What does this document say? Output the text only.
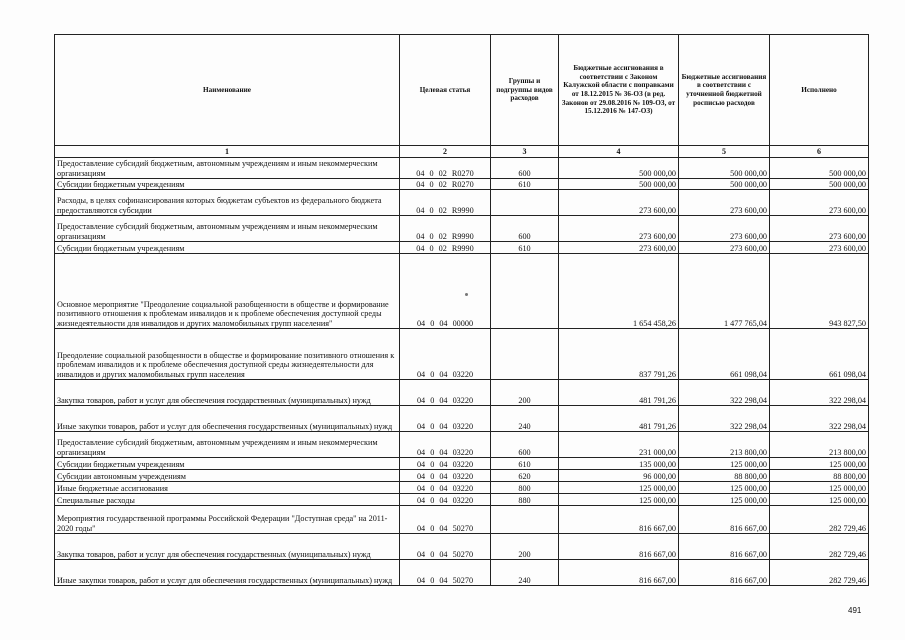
Наименование	Целевая статья	Группы и подгруппы видов расходов	Бюджетные ассигнования в соответствии с Законом Калужской области с поправками от 18.12.2015 № 36-ОЗ (в ред. Законов от 29.08.2016 № 109-ОЗ, от 15.12.2016 № 147-ОЗ)	Бюджетные ассигнования в соответствии с уточненной бюджетной росписью расходов	Исполнено
1	2	3	4	5	6
Предоставление субсидий бюджетным, автономным учреждениям и иным некоммерческим организациям	04 0 02 R0270	600	500 000,00	500 000,00	500 000,00
Субсидии бюджетным учреждениям	04 0 02 R0270	610	500 000,00	500 000,00	500 000,00
Расходы, в целях софинансирования которых бюджетам субъектов из федерального бюджета предоставляются субсидии	04 0 02 R9990		273 600,00	273 600,00	273 600,00
Предоставление субсидий бюджетным, автономным учреждениям и иным некоммерческим организациям	04 0 02 R9990	600	273 600,00	273 600,00	273 600,00
Субсидии бюджетным учреждениям	04 0 02 R9990	610	273 600,00	273 600,00	273 600,00
Основное мероприятие "Преодоление социальной разобщенности в обществе и формирование позитивного отношения к проблемам инвалидов и к проблеме обеспечения доступной среды жизнедеятельности для инвалидов и других маломобильных групп населения"	04 0 04 00000		1 654 458,26	1 477 765,04	943 827,50
Преодоление социальной разобщенности в обществе и формирование позитивного отношения к проблемам инвалидов и к проблеме обеспечения доступной среды жизнедеятельности для инвалидов и других маломобильных групп населения	04 0 04 03220		837 791,26	661 098,04	661 098,04
Закупка товаров, работ и услуг для обеспечения государственных (муниципальных) нужд	04 0 04 03220	200	481 791,26	322 298,04	322 298,04
Иные закупки товаров, работ и услуг для обеспечения государственных (муниципальных) нужд	04 0 04 03220	240	481 791,26	322 298,04	322 298,04
Предоставление субсидий бюджетным, автономным учреждениям и иным некоммерческим организациям	04 0 04 03220	600	231 000,00	213 800,00	213 800,00
Субсидии бюджетным учреждениям	04 0 04 03220	610	135 000,00	125 000,00	125 000,00
Субсидии автономным учреждениям	04 0 04 03220	620	96 000,00	88 800,00	88 800,00
Иные бюджетные ассигнования	04 0 04 03220	800	125 000,00	125 000,00	125 000,00
Специальные расходы	04 0 04 03220	880	125 000,00	125 000,00	125 000,00
Мероприятия государственной программы Российской Федерации "Доступная среда" на 2011-2020 годы"	04 0 04 50270		816 667,00	816 667,00	282 729,46
Закупка товаров, работ и услуг для обеспечения государственных (муниципальных) нужд	04 0 04 50270	200	816 667,00	816 667,00	282 729,46
Иные закупки товаров, работ и услуг для обеспечения государственных (муниципальных) нужд	04 0 04 50270	240	816 667,00	816 667,00	282 729,46
491
